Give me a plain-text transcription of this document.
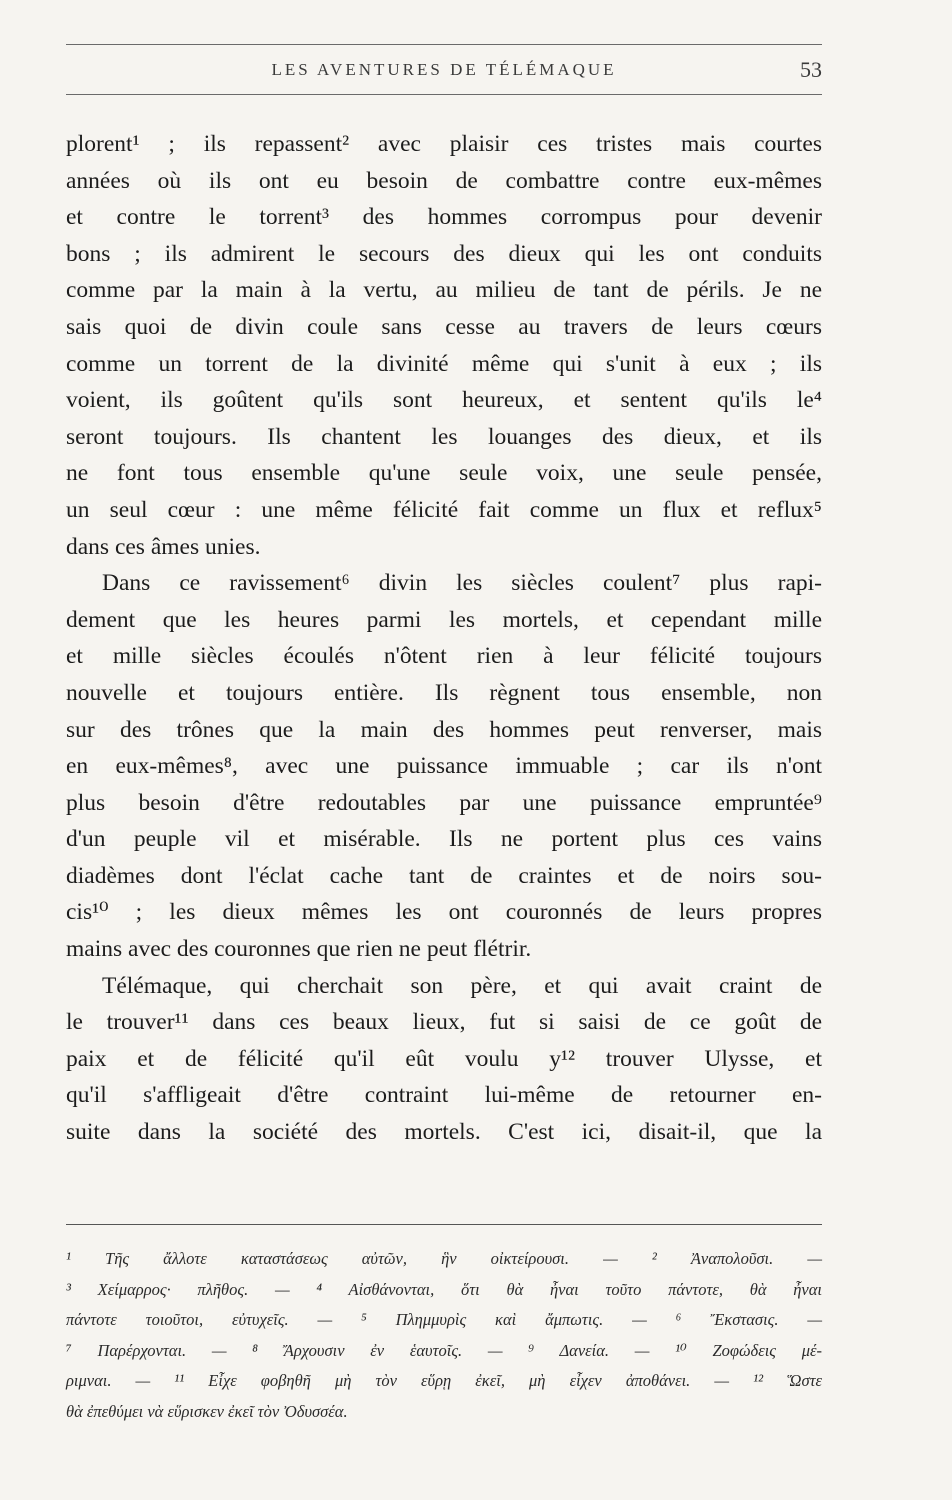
LES AVENTURES DE TÉLÉMAQUE	53
plorent¹ ; ils repassent² avec plaisir ces tristes mais courtes
années où ils ont eu besoin de combattre contre eux-mêmes
et contre le torrent³ des hommes corrompus pour devenir
bons ; ils admirent le secours des dieux qui les ont conduits
comme par la main à la vertu, au milieu de tant de périls. Je ne
sais quoi de divin coule sans cesse au travers de leurs cœurs
comme un torrent de la divinité même qui s'unit à eux ; ils
voient, ils goûtent qu'ils sont heureux, et sentent qu'ils le⁴
seront toujours. Ils chantent les louanges des dieux, et ils
ne font tous ensemble qu'une seule voix, une seule pensée,
un seul cœur : une même félicité fait comme un flux et reflux⁵
dans ces âmes unies.
Dans ce ravissement⁶ divin les siècles coulent⁷ plus rapi-
dement que les heures parmi les mortels, et cependant mille
et mille siècles écoulés n'ôtent rien à leur félicité toujours
nouvelle et toujours entière. Ils règnent tous ensemble, non
sur des trônes que la main des hommes peut renverser, mais
en eux-mêmes⁸, avec une puissance immuable ; car ils n'ont
plus besoin d'être redoutables par une puissance empruntée⁹
d'un peuple vil et misérable. Ils ne portent plus ces vains
diadèmes dont l'éclat cache tant de craintes et de noirs sou-
cis¹⁰ ; les dieux mêmes les ont couronnés de leurs propres
mains avec des couronnes que rien ne peut flétrir.
Télémaque, qui cherchait son père, et qui avait craint de
le trouver¹¹ dans ces beaux lieux, fut si saisi de ce goût de
paix et de félicité qu'il eût voulu y¹² trouver Ulysse, et
qu'il s'affligeait d'être contraint lui-même de retourner en-
suite dans la société des mortels. C'est ici, disait-il, que la
¹ Τῆς ἄλλοτε καταστάσεως αὐτῶν, ἣν οἰκτείρουσι. — ² Ἀναπολοῦσι. —
³ Χείμαρρος· πλῆθος. — ⁴ Αἰσθάνονται, ὅτι θὰ ἦναι τοῦτο πάντοτε, θὰ ἦναι
πάντοτε τοιοῦτοι, εὐτυχεῖς. — ⁵ Πλημμυρὶς καὶ ἄμπωτις. — ⁶ Ἔκστασις. —
⁷ Παρέρχονται. — ⁸ Ἄρχουσιν ἐν ἑαυτοῖς. — ⁹ Δανεία. — ¹⁰ Ζοφώδεις μέ-
ριμναι. — ¹¹ Εἶχε φοβηθῆ μὴ τὸν εὕρῃ ἐκεῖ, μὴ εἶχεν ἀποθάνει. — ¹² Ὥστε
θὰ ἐπεθύμει νὰ εὕρισκεν ἐκεῖ τὸν Ὀδυσσέα.
